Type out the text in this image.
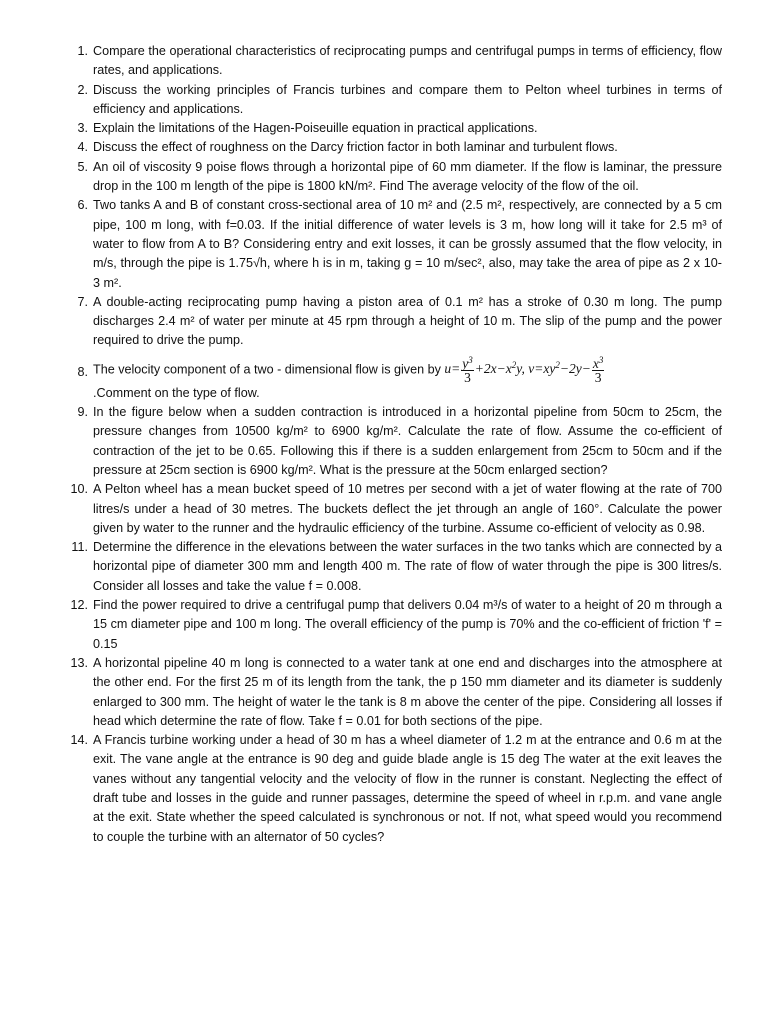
1. Compare the operational characteristics of reciprocating pumps and centrifugal pumps in terms of efficiency, flow rates, and applications.
2. Discuss the working principles of Francis turbines and compare them to Pelton wheel turbines in terms of efficiency and applications.
3. Explain the limitations of the Hagen-Poiseuille equation in practical applications.
4. Discuss the effect of roughness on the Darcy friction factor in both laminar and turbulent flows.
5. An oil of viscosity 9 poise flows through a horizontal pipe of 60 mm diameter. If the flow is laminar, the pressure drop in the 100 m length of the pipe is 1800 kN/m². Find The average velocity of the flow of the oil.
6. Two tanks A and B of constant cross-sectional area of 10 m² and (2.5 m², respectively, are connected by a 5 cm pipe, 100 m long, with f=0.03. If the initial difference of water levels is 3 m, how long will it take for 2.5 m³ of water to flow from A to B? Considering entry and exit losses, it can be grossly assumed that the flow velocity, in m/s, through the pipe is 1.75√h, where h is in m, taking g = 10 m/sec², also, may take the area of pipe as 2 x 10-3 m².
7. A double-acting reciprocating pump having a piston area of 0.1 m² has a stroke of 0.30 m long. The pump discharges 2.4 m² of water per minute at 45 rpm through a height of 10 m. The slip of the pump and the power required to drive the pump.
8. The velocity component of a two - dimensional flow is given by $u= \frac{y^3}{3} +2x-x^2y$, $v=xy^2-2y- \frac{x^3}{3}$
.Comment on the type of flow.
9. In the figure below when a sudden contraction is introduced in a horizontal pipeline from 50cm to 25cm, the pressure changes from 10500 kg/m² to 6900 kg/m². Calculate the rate of flow. Assume the co-efficient of contraction of the jet to be 0.65. Following this if there is a sudden enlargement from 25cm to 50cm and if the pressure at 25cm section is 6900 kg/m². What is the pressure at the 50cm enlarged section?
10. A Pelton wheel has a mean bucket speed of 10 metres per second with a jet of water flowing at the rate of 700 litres/s under a head of 30 metres. The buckets deflect the jet through an angle of 160°. Calculate the power given by water to the runner and the hydraulic efficiency of the turbine. Assume co-efficient of velocity as 0.98.
11. Determine the difference in the elevations between the water surfaces in the two tanks which are connected by a horizontal pipe of diameter 300 mm and length 400 m. The rate of flow of water through the pipe is 300 litres/s. Consider all losses and take the value f = 0.008.
12. Find the power required to drive a centrifugal pump that delivers 0.04 m³/s of water to a height of 20 m through a 15 cm diameter pipe and 100 m long. The overall efficiency of the pump is 70% and the co-efficient of friction 'f' = 0.15
13. A horizontal pipeline 40 m long is connected to a water tank at one end and discharges into the atmosphere at the other end. For the first 25 m of its length from the tank, the p 150 mm diameter and its diameter is suddenly enlarged to 300 mm. The height of water le the tank is 8 m above the center of the pipe. Considering all losses if head which determine the rate of flow. Take f = 0.01 for both sections of the pipe.
14. A Francis turbine working under a head of 30 m has a wheel diameter of 1.2 m at the entrance and 0.6 m at the exit. The vane angle at the entrance is 90 deg and guide blade angle is 15 deg The water at the exit leaves the vanes without any tangential velocity and the velocity of flow in the runner is constant. Neglecting the effect of draft tube and losses in the guide and runner passages, determine the speed of wheel in r.p.m. and vane angle at the exit. State whether the speed calculated is synchronous or not. If not, what speed would you recommend to couple the turbine with an alternator of 50 cycles?
